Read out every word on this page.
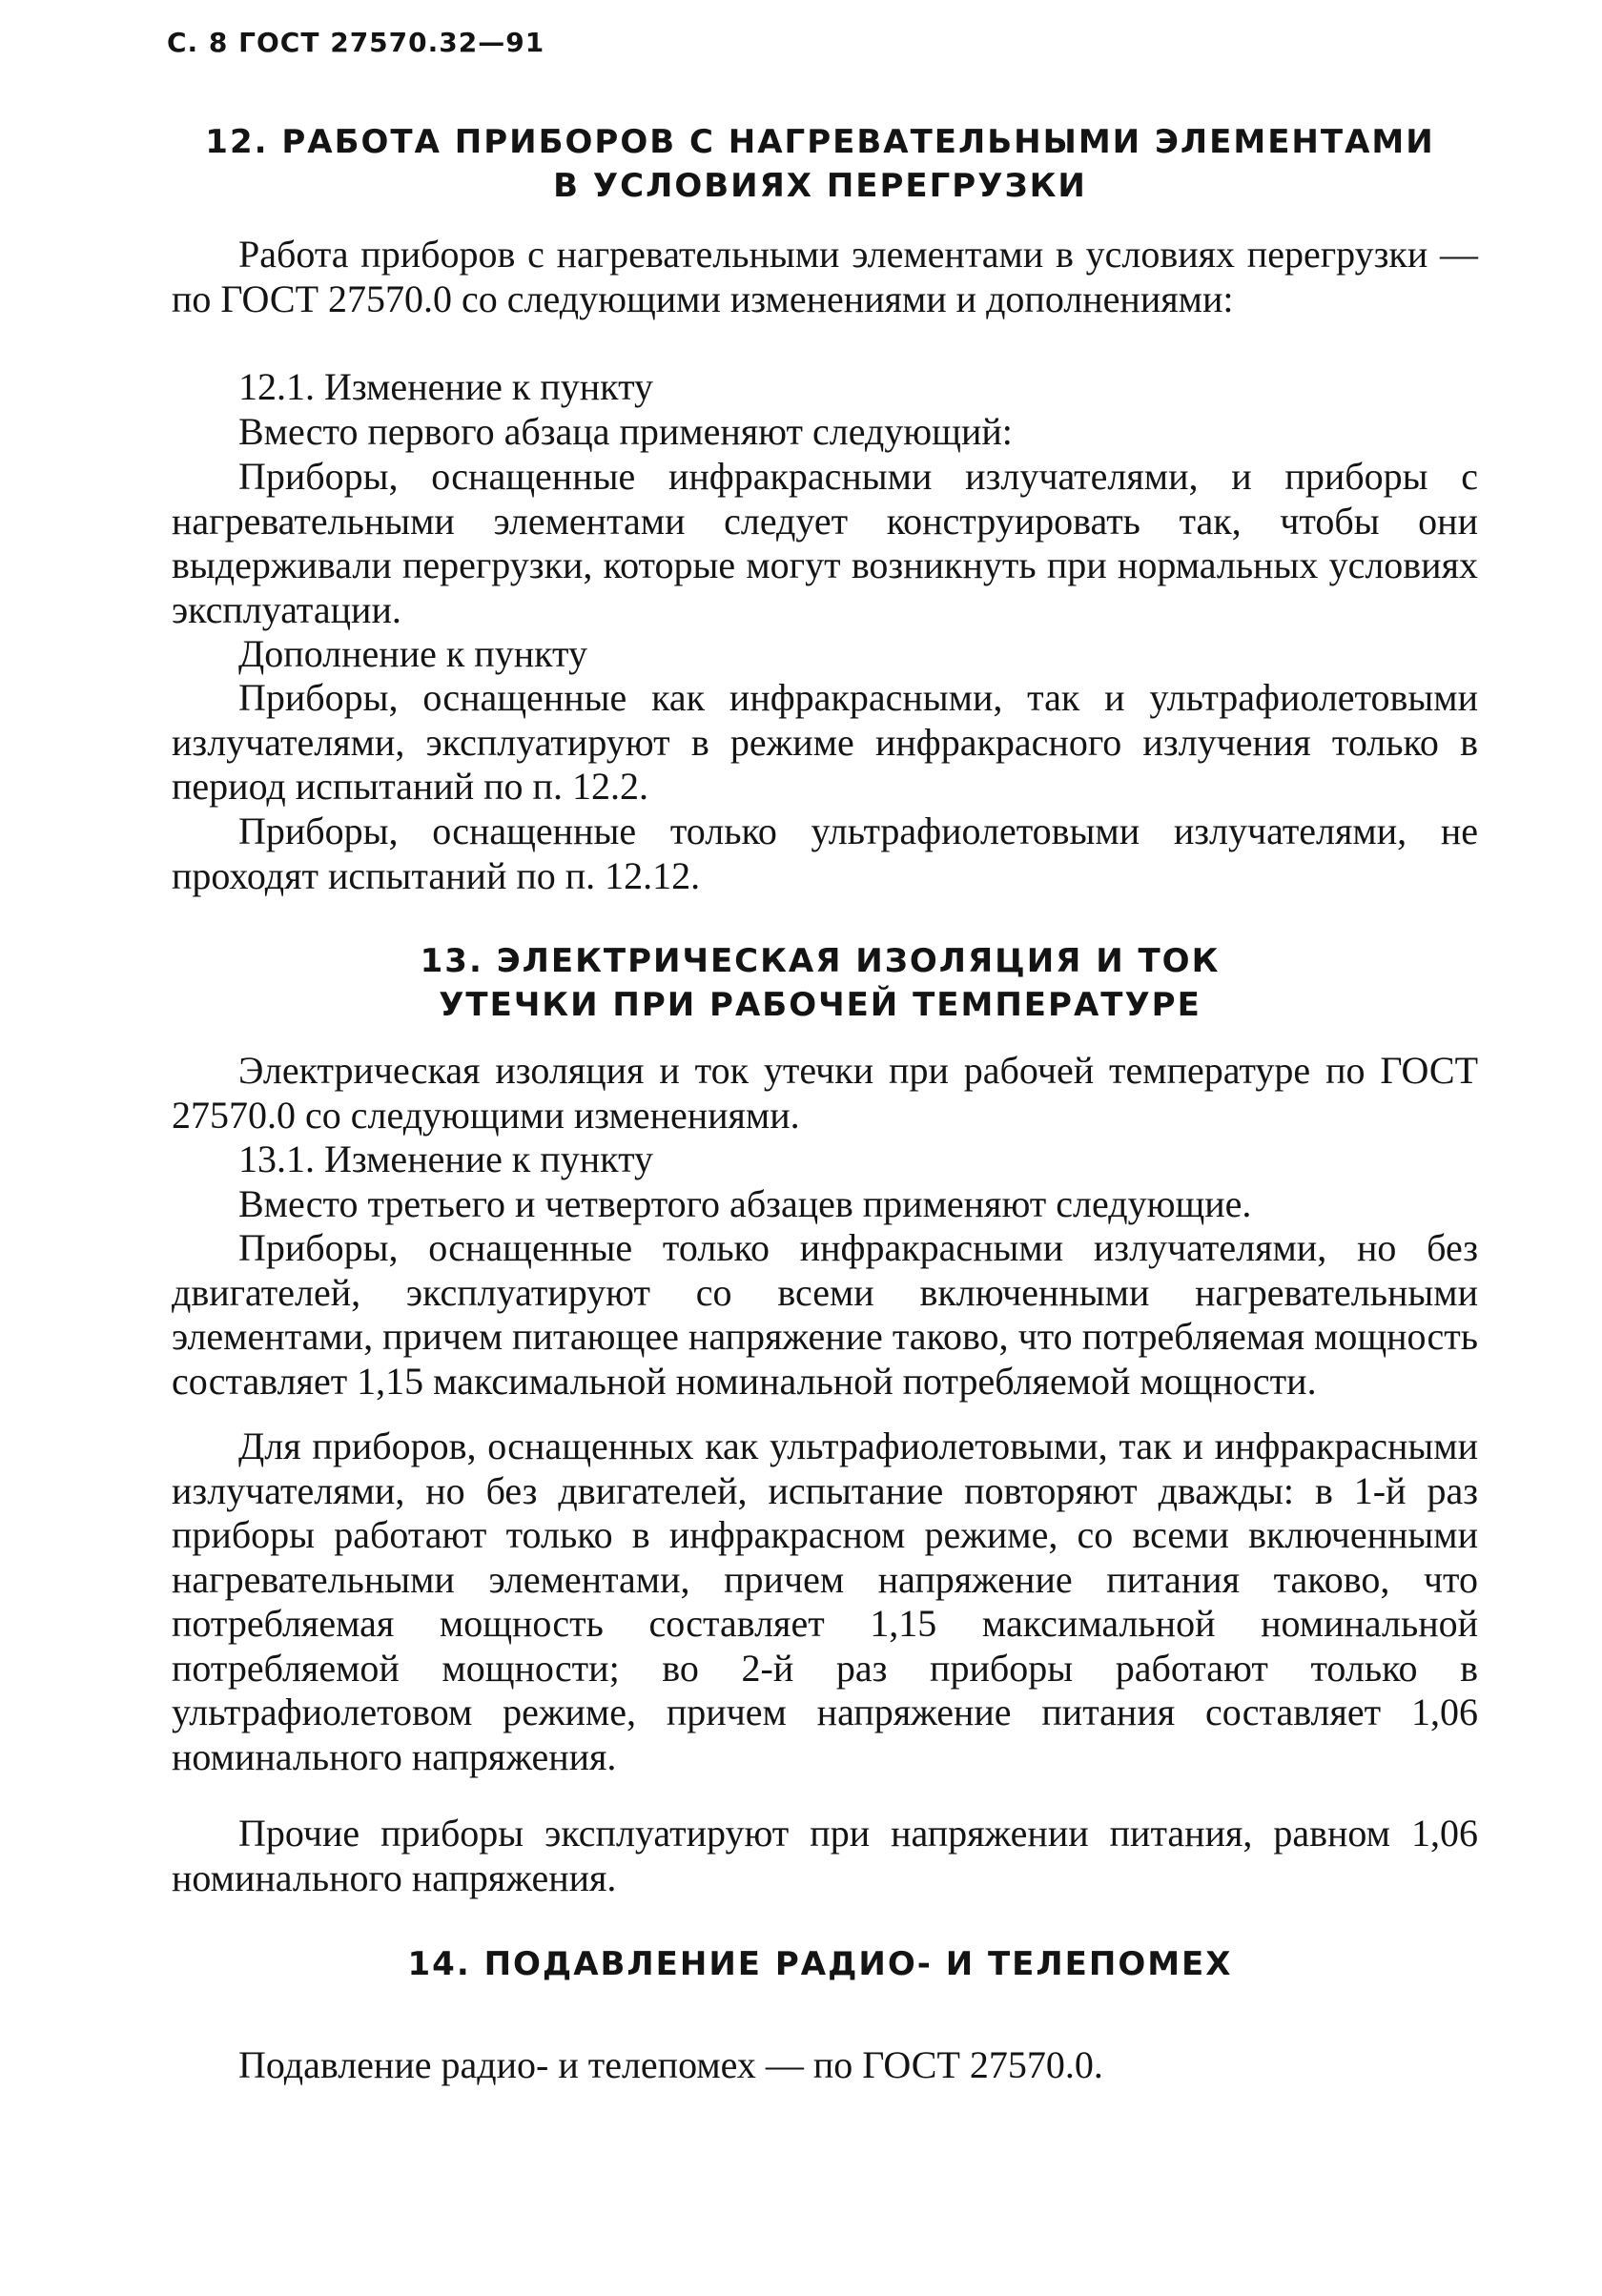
С. 8 ГОСТ 27570.32—91
12. РАБОТА ПРИБОРОВ С НАГРЕВАТЕЛЬНЫМИ ЭЛЕМЕНТАМИ
В УСЛОВИЯХ ПЕРЕГРУЗКИ
Работа приборов с нагревательными элементами в условиях перегрузки — по ГОСТ 27570.0 со следующими изменениями и дополнениями:
12.1. Изменение к пункту
Вместо первого абзаца применяют следующий:
Приборы, оснащенные инфракрасными излучателями, и приборы с нагревательными элементами следует конструировать так, чтобы они выдерживали перегрузки, которые могут возникнуть при нормальных условиях эксплуатации.
Дополнение к пункту
Приборы, оснащенные как инфракрасными, так и ультрафиолетовыми излучателями, эксплуатируют в режиме инфракрасного излучения только в период испытаний по п. 12.2.
Приборы, оснащенные только ультрафиолетовыми излучателями, не проходят испытаний по п. 12.12.
13. ЭЛЕКТРИЧЕСКАЯ ИЗОЛЯЦИЯ И ТОК
УТЕЧКИ ПРИ РАБОЧЕЙ ТЕМПЕРАТУРЕ
Электрическая изоляция и ток утечки при рабочей температуре по ГОСТ 27570.0 со следующими изменениями.
13.1. Изменение к пункту
Вместо третьего и четвертого абзацев применяют следующие.
Приборы, оснащенные только инфракрасными излучателями, но без двигателей, эксплуатируют со всеми включенными нагревательными элементами, причем питающее напряжение таково, что потребляемая мощность составляет 1,15 максимальной номинальной потребляемой мощности.
Для приборов, оснащенных как ультрафиолетовыми, так и инфракрасными излучателями, но без двигателей, испытание повторяют дважды: в 1-й раз приборы работают только в инфракрасном режиме, со всеми включенными нагревательными элементами, причем напряжение питания таково, что потребляемая мощность составляет 1,15 максимальной номинальной потребляемой мощности; во 2-й раз приборы работают только в ультрафиолетовом режиме, причем напряжение питания составляет 1,06 номинального напряжения.
Прочие приборы эксплуатируют при напряжении питания, равном 1,06 номинального напряжения.
14. ПОДАВЛЕНИЕ РАДИО- И ТЕЛЕПОМЕХ
Подавление радио- и телепомех — по ГОСТ 27570.0.
